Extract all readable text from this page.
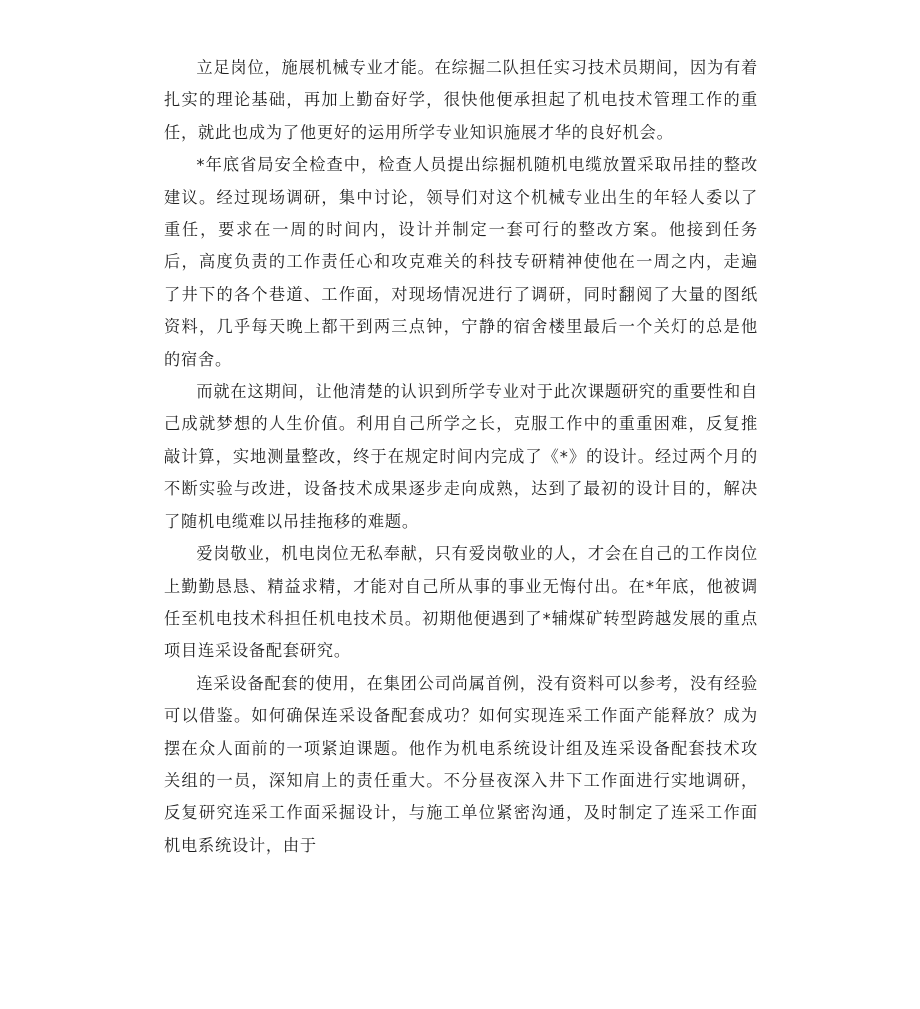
立足岗位，施展机械专业才能。在综掘二队担任实习技术员期间，因为有着扎实的理论基础，再加上勤奋好学，很快他便承担起了机电技术管理工作的重任，就此也成为了他更好的运用所学专业知识施展才华的良好机会。

*年底省局安全检查中，检查人员提出综掘机随机电缆放置采取吊挂的整改建议。经过现场调研，集中讨论，领导们对这个机械专业出生的年轻人委以了重任，要求在一周的时间内，设计并制定一套可行的整改方案。他接到任务后，高度负责的工作责任心和攻克难关的科技专研精神使他在一周之内，走遍了井下的各个巷道、工作面，对现场情况进行了调研，同时翻阅了大量的图纸资料，几乎每天晚上都干到两三点钟，宁静的宿舍楼里最后一个关灯的总是他的宿舍。

而就在这期间，让他清楚的认识到所学专业对于此次课题研究的重要性和自己成就梦想的人生价值。利用自己所学之长，克服工作中的重重困难，反复推敲计算，实地测量整改，终于在规定时间内完成了《*》的设计。经过两个月的不断实验与改进，设备技术成果逐步走向成熟，达到了最初的设计目的，解决了随机电缆难以吊挂拖移的难题。

爱岗敬业，机电岗位无私奉献，只有爱岗敬业的人，才会在自己的工作岗位上勤勤恳恳、精益求精，才能对自己所从事的事业无悔付出。在*年底，他被调任至机电技术科担任机电技术员。初期他便遇到了*辅煤矿转型跨越发展的重点项目连采设备配套研究。

连采设备配套的使用，在集团公司尚属首例，没有资料可以参考，没有经验可以借鉴。如何确保连采设备配套成功？如何实现连采工作面产能释放？成为摆在众人面前的一项紧迫课题。他作为机电系统设计组及连采设备配套技术攻关组的一员，深知肩上的责任重大。不分昼夜深入井下工作面进行实地调研，反复研究连采工作面采掘设计，与施工单位紧密沟通，及时制定了连采工作面机电系统设计，由于
